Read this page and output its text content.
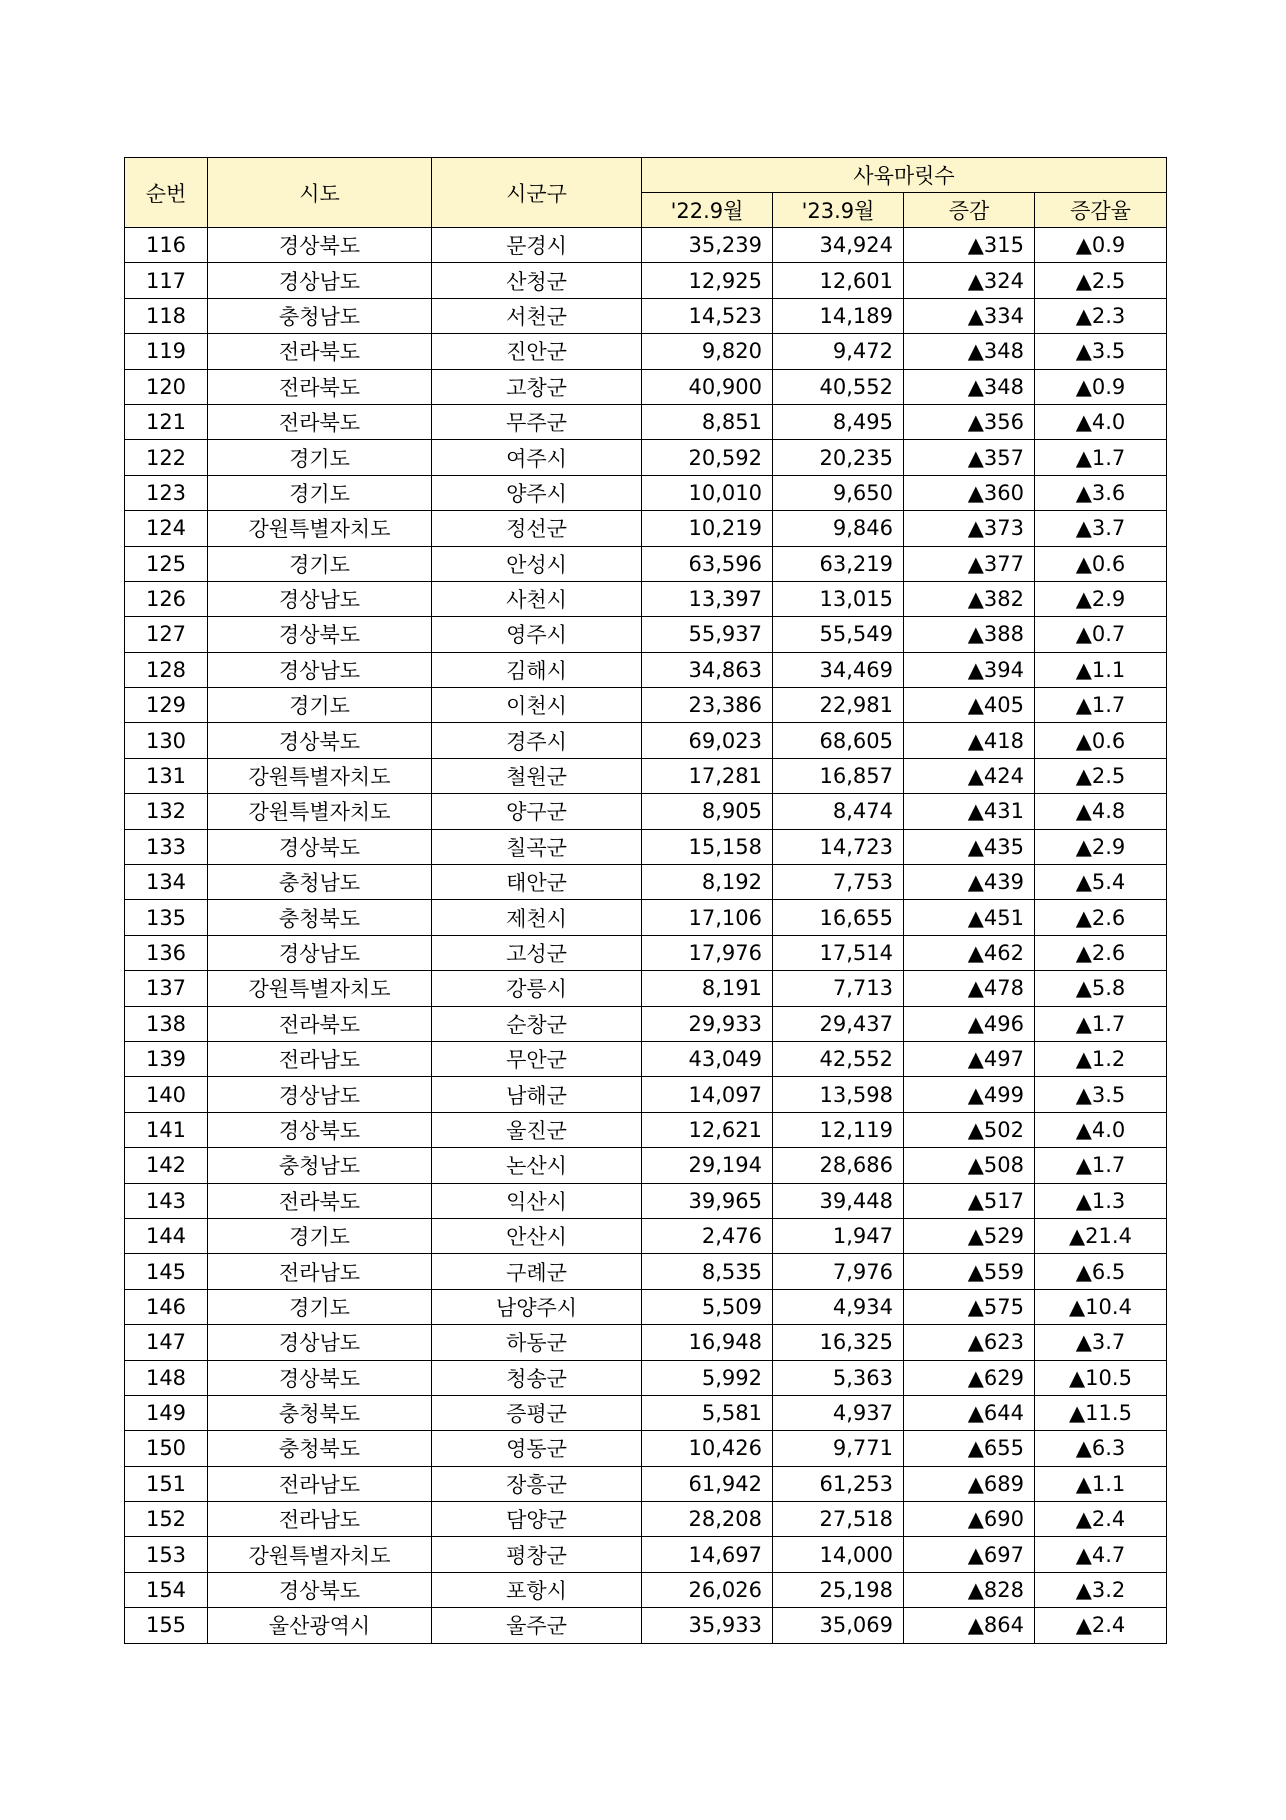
순번	시도	시군구	사육마릿수			
			'22.9월	'23.9월	증감	증감율
116	경상북도	문경시	35,239	34,924	▲315	▲0.9
117	경상남도	산청군	12,925	12,601	▲324	▲2.5
118	충청남도	서천군	14,523	14,189	▲334	▲2.3
119	전라북도	진안군	9,820	9,472	▲348	▲3.5
120	전라북도	고창군	40,900	40,552	▲348	▲0.9
121	전라북도	무주군	8,851	8,495	▲356	▲4.0
122	경기도	여주시	20,592	20,235	▲357	▲1.7
123	경기도	양주시	10,010	9,650	▲360	▲3.6
124	강원특별자치도	정선군	10,219	9,846	▲373	▲3.7
125	경기도	안성시	63,596	63,219	▲377	▲0.6
126	경상남도	사천시	13,397	13,015	▲382	▲2.9
127	경상북도	영주시	55,937	55,549	▲388	▲0.7
128	경상남도	김해시	34,863	34,469	▲394	▲1.1
129	경기도	이천시	23,386	22,981	▲405	▲1.7
130	경상북도	경주시	69,023	68,605	▲418	▲0.6
131	강원특별자치도	철원군	17,281	16,857	▲424	▲2.5
132	강원특별자치도	양구군	8,905	8,474	▲431	▲4.8
133	경상북도	칠곡군	15,158	14,723	▲435	▲2.9
134	충청남도	태안군	8,192	7,753	▲439	▲5.4
135	충청북도	제천시	17,106	16,655	▲451	▲2.6
136	경상남도	고성군	17,976	17,514	▲462	▲2.6
137	강원특별자치도	강릉시	8,191	7,713	▲478	▲5.8
138	전라북도	순창군	29,933	29,437	▲496	▲1.7
139	전라남도	무안군	43,049	42,552	▲497	▲1.2
140	경상남도	남해군	14,097	13,598	▲499	▲3.5
141	경상북도	울진군	12,621	12,119	▲502	▲4.0
142	충청남도	논산시	29,194	28,686	▲508	▲1.7
143	전라북도	익산시	39,965	39,448	▲517	▲1.3
144	경기도	안산시	2,476	1,947	▲529	▲21.4
145	전라남도	구례군	8,535	7,976	▲559	▲6.5
146	경기도	남양주시	5,509	4,934	▲575	▲10.4
147	경상남도	하동군	16,948	16,325	▲623	▲3.7
148	경상북도	청송군	5,992	5,363	▲629	▲10.5
149	충청북도	증평군	5,581	4,937	▲644	▲11.5
150	충청북도	영동군	10,426	9,771	▲655	▲6.3
151	전라남도	장흥군	61,942	61,253	▲689	▲1.1
152	전라남도	담양군	28,208	27,518	▲690	▲2.4
153	강원특별자치도	평창군	14,697	14,000	▲697	▲4.7
154	경상북도	포항시	26,026	25,198	▲828	▲3.2
155	울산광역시	울주군	35,933	35,069	▲864	▲2.4
